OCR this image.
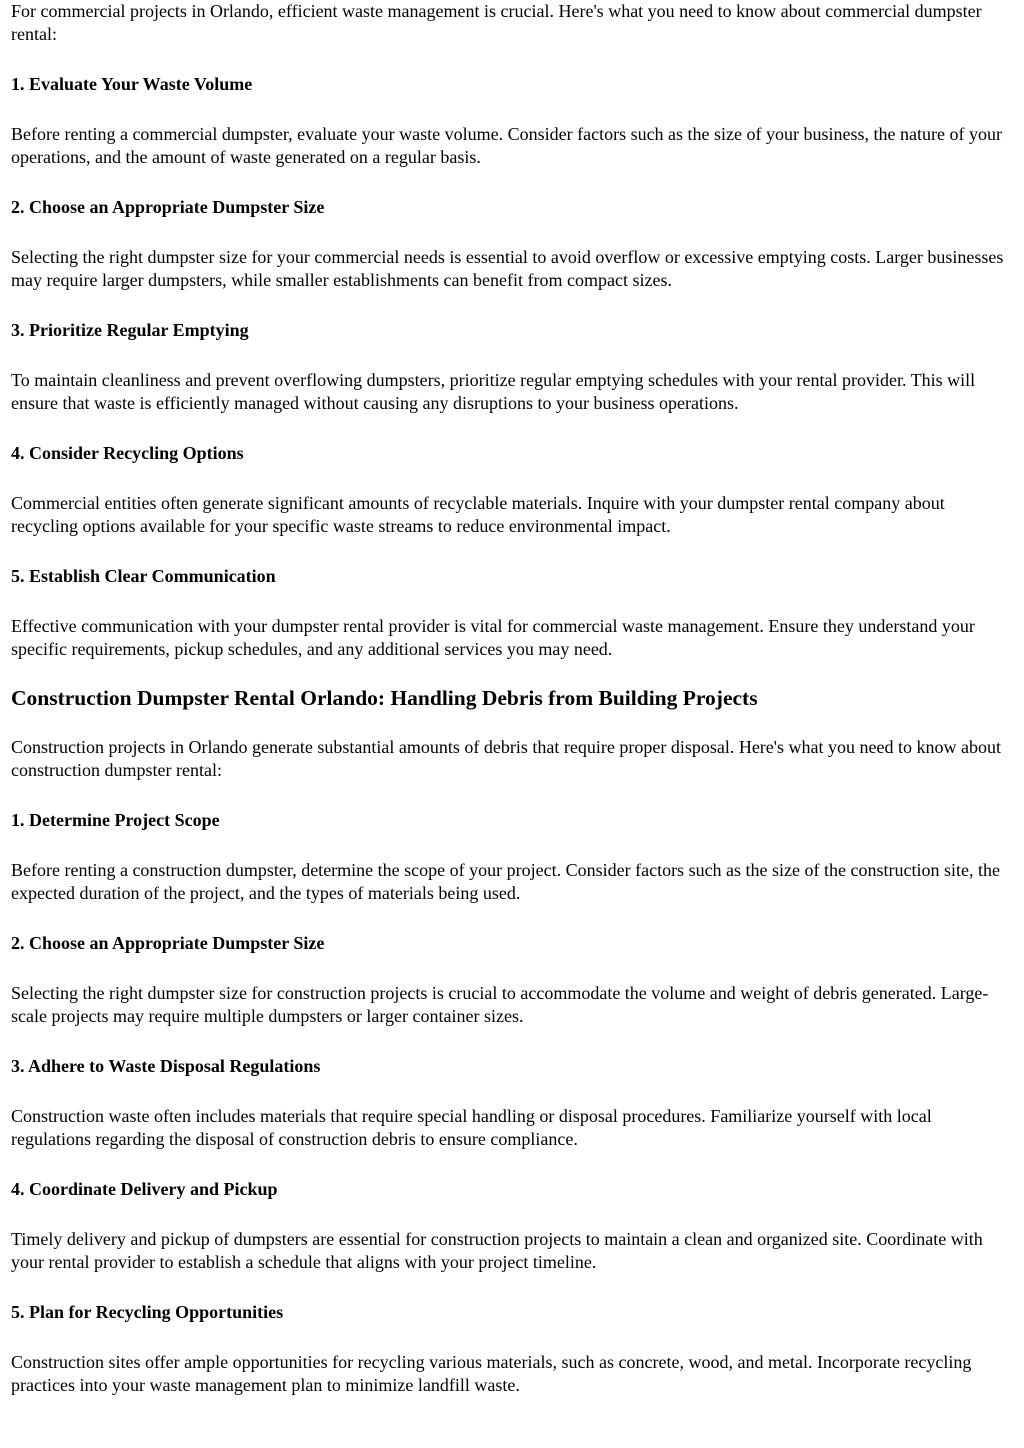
For commercial projects in Orlando, efficient waste management is crucial. Here's what you need to know about commercial dumpster rental:

1. Evaluate Your Waste Volume

Before renting a commercial dumpster, evaluate your waste volume. Consider factors such as the size of your business, the nature of your operations, and the amount of waste generated on a regular basis.

2. Choose an Appropriate Dumpster Size

Selecting the right dumpster size for your commercial needs is essential to avoid overflow or excessive emptying costs. Larger businesses may require larger dumpsters, while smaller establishments can benefit from compact sizes.

3. Prioritize Regular Emptying

To maintain cleanliness and prevent overflowing dumpsters, prioritize regular emptying schedules with your rental provider. This will ensure that waste is efficiently managed without causing any disruptions to your business operations.

4. Consider Recycling Options

Commercial entities often generate significant amounts of recyclable materials. Inquire with your dumpster rental company about recycling options available for your specific waste streams to reduce environmental impact.

5. Establish Clear Communication

Effective communication with your dumpster rental provider is vital for commercial waste management. Ensure they understand your specific requirements, pickup schedules, and any additional services you may need.

Construction Dumpster Rental Orlando: Handling Debris from Building Projects

Construction projects in Orlando generate substantial amounts of debris that require proper disposal. Here's what you need to know about construction dumpster rental:

1. Determine Project Scope

Before renting a construction dumpster, determine the scope of your project. Consider factors such as the size of the construction site, the expected duration of the project, and the types of materials being used.

2. Choose an Appropriate Dumpster Size

Selecting the right dumpster size for construction projects is crucial to accommodate the volume and weight of debris generated. Large-scale projects may require multiple dumpsters or larger container sizes.

3. Adhere to Waste Disposal Regulations

Construction waste often includes materials that require special handling or disposal procedures. Familiarize yourself with local regulations regarding the disposal of construction debris to ensure compliance.

4. Coordinate Delivery and Pickup

Timely delivery and pickup of dumpsters are essential for construction projects to maintain a clean and organized site. Coordinate with your rental provider to establish a schedule that aligns with your project timeline.

5. Plan for Recycling Opportunities

Construction sites offer ample opportunities for recycling various materials, such as concrete, wood, and metal. Incorporate recycling practices into your waste management plan to minimize landfill waste.
